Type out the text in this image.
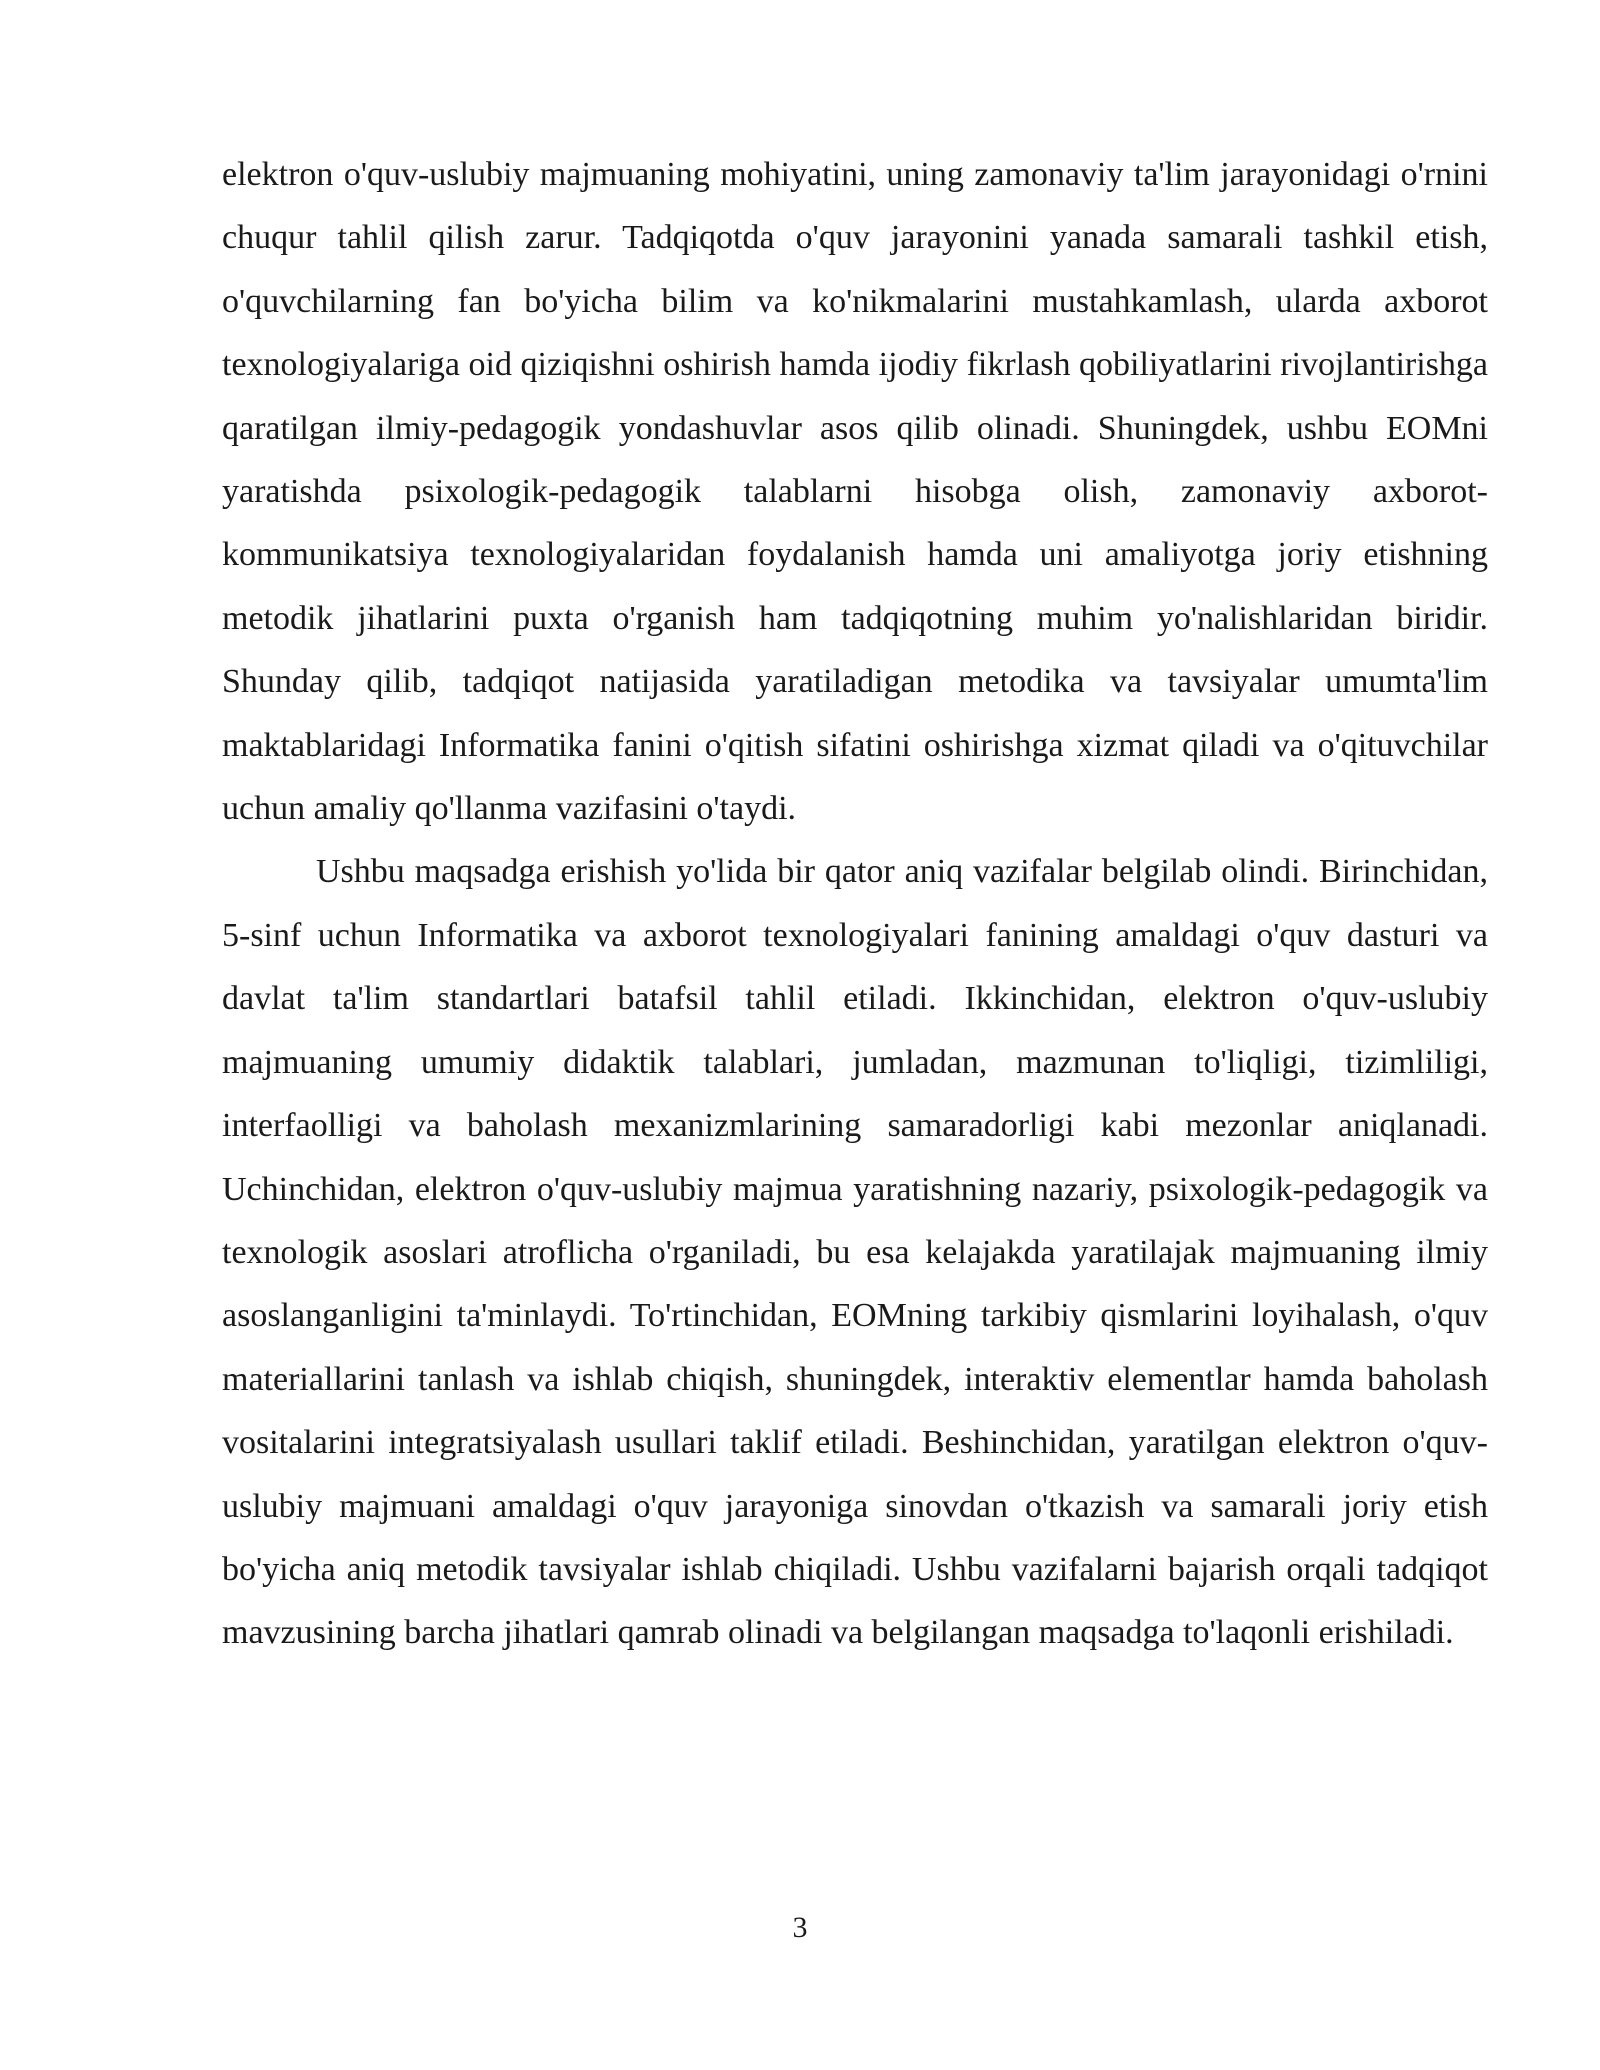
elektron o'quv-uslubiy majmuaning mohiyatini, uning zamonaviy ta'lim jarayonidagi o'rnini chuqur tahlil qilish zarur. Tadqiqotda o'quv jarayonini yanada samarali tashkil etish, o'quvchilarning fan bo'yicha bilim va ko'nikmalarini mustahkamlash, ularda axborot texnologiyalariga oid qiziqishni oshirish hamda ijodiy fikrlash qobiliyatlarini rivojlantirishga qaratilgan ilmiy-pedagogik yondashuvlar asos qilib olinadi. Shuningdek, ushbu EOMni yaratishda psixologik-pedagogik talablarni hisobga olish, zamonaviy axborot-kommunikatsiya texnologiyalaridan foydalanish hamda uni amaliyotga joriy etishning metodik jihatlarini puxta o'rganish ham tadqiqotning muhim yo'nalishlaridan biridir. Shunday qilib, tadqiqot natijasida yaratiladigan metodika va tavsiyalar umumta'lim maktablaridagi Informatika fanini o'qitish sifatini oshirishga xizmat qiladi va o'qituvchilar uchun amaliy qo'llanma vazifasini o'taydi.

Ushbu maqsadga erishish yo'lida bir qator aniq vazifalar belgilab olindi. Birinchidan, 5-sinf uchun Informatika va axborot texnologiyalari fanining amaldagi o'quv dasturi va davlat ta'lim standartlari batafsil tahlil etiladi. Ikkinchidan, elektron o'quv-uslubiy majmuaning umumiy didaktik talablari, jumladan, mazmunan to'liqligi, tizimliligi, interfaolligi va baholash mexanizmlarining samaradorligi kabi mezonlar aniqlanadi. Uchinchidan, elektron o'quv-uslubiy majmua yaratishning nazariy, psixologik-pedagogik va texnologik asoslari atroflicha o'rganiladi, bu esa kelajakda yaratilajak majmuaning ilmiy asoslanganligini ta'minlaydi. To'rtinchidan, EOMning tarkibiy qismlarini loyihalash, o'quv materiallarini tanlash va ishlab chiqish, shuningdek, interaktiv elementlar hamda baholash vositalarini integratsiyalash usullari taklif etiladi. Beshinchidan, yaratilgan elektron o'quv-uslubiy majmuani amaldagi o'quv jarayoniga sinovdan o'tkazish va samarali joriy etish bo'yicha aniq metodik tavsiyalar ishlab chiqiladi. Ushbu vazifalarni bajarish orqali tadqiqot mavzusining barcha jihatlari qamrab olinadi va belgilangan maqsadga to'laqonli erishiladi.

3
